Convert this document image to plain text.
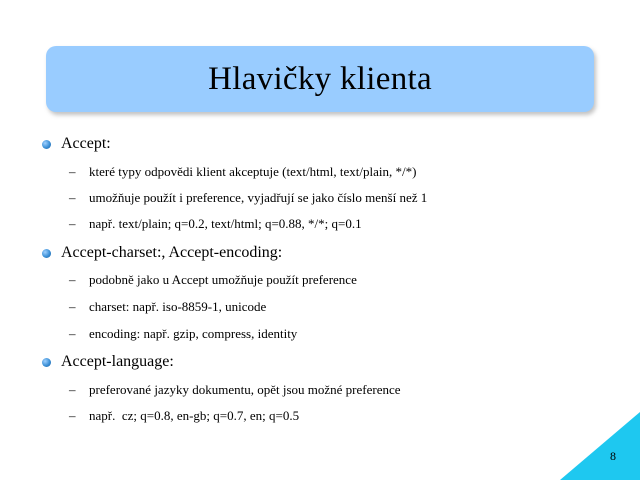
Hlavičky klienta
Accept:
– které typy odpovědi klient akceptuje (text/html, text/plain, */*)
– umožňuje použít i preference, vyjadřují se jako číslo menší než 1
– např. text/plain; q=0.2, text/html; q=0.88, */*; q=0.1
Accept-charset:, Accept-encoding:
– podobně jako u Accept umožňuje použít preference
– charset: např. iso-8859-1, unicode
– encoding: např. gzip, compress, identity
Accept-language:
– preferované jazyky dokumentu, opět jsou možné preference
– např.  cz; q=0.8, en-gb; q=0.7, en; q=0.5
8
